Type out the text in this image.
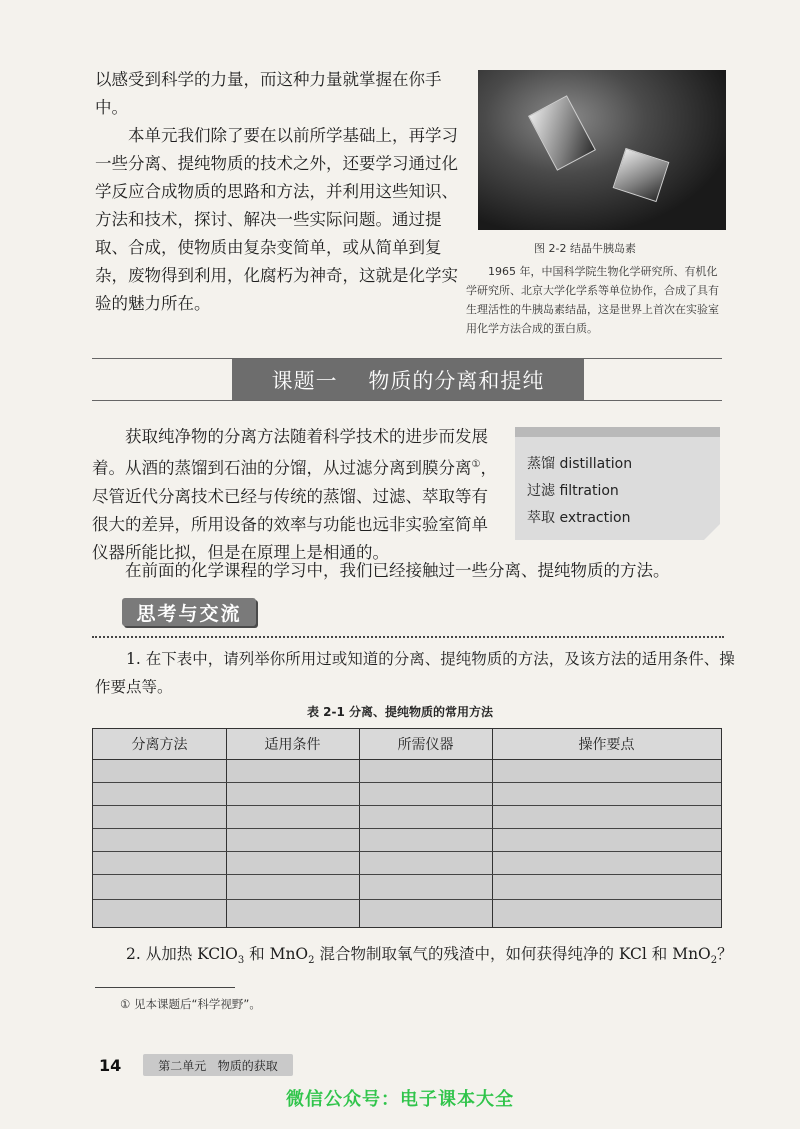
以感受到科学的力量，而这种力量就掌握在你手中。

本单元我们除了要在以前所学基础上，再学习一些分离、提纯物质的技术之外，还要学习通过化学反应合成物质的思路和方法，并利用这些知识、方法和技术，探讨、解决一些实际问题。通过提取、合成，使物质由复杂变简单，或从简单到复杂，废物得到利用，化腐朽为神奇，这就是化学实验的魅力所在。

图 2-2 结晶牛胰岛素

1965 年，中国科学院生物化学研究所、有机化学研究所、北京大学化学系等单位协作，合成了具有生理活性的牛胰岛素结晶，这是世界上首次在实验室用化学方法合成的蛋白质。

课题一    物质的分离和提纯

获取纯净物的分离方法随着科学技术的进步而发展着。从酒的蒸馏到石油的分馏，从过滤分离到膜分离①，尽管近代分离技术已经与传统的蒸馏、过滤、萃取等有很大的差异，所用设备的效率与功能也远非实验室简单仪器所能比拟，但是在原理上是相通的。

蒸馏 distillation
过滤 filtration
萃取 extraction

在前面的化学课程的学习中，我们已经接触过一些分离、提纯物质的方法。

思考与交流

1. 在下表中，请列举你所用过或知道的分离、提纯物质的方法，及该方法的适用条件、操作要点等。

表 2-1 分离、提纯物质的常用方法
分离方法	适用条件	所需仪器	操作要点

2. 从加热 KClO$_3$ 和 MnO$_2$ 混合物制取氧气的残渣中，如何获得纯净的 KCl 和 MnO$_2$？

① 见本课题后“科学视野”。
14	第二单元   物质的获取
微信公众号：电子课本大全
